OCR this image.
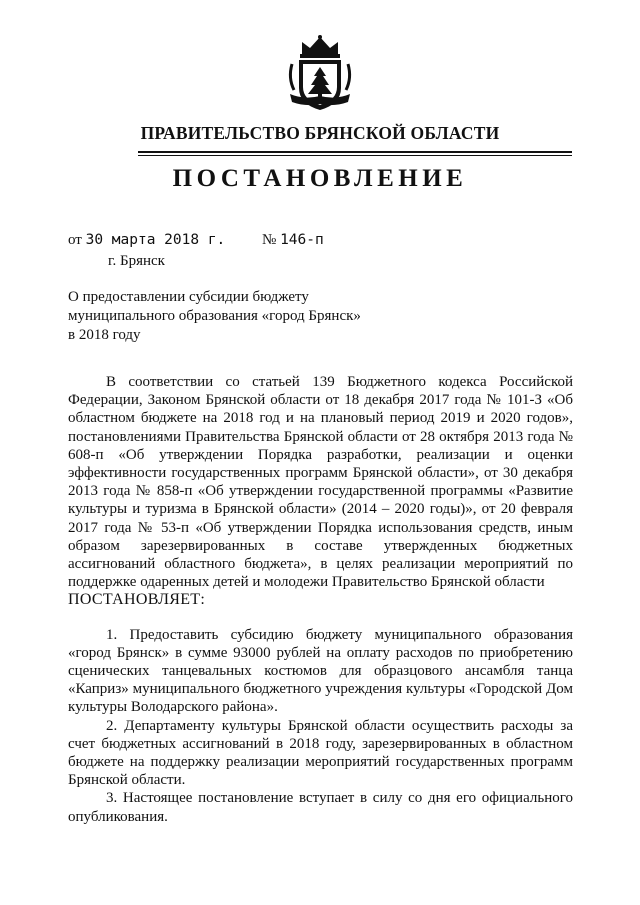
ПРАВИТЕЛЬСТВО БРЯНСКОЙ ОБЛАСТИ
ПОСТАНОВЛЕНИЕ
от 30 марта 2018 г. № 146-п
г. Брянск
О предоставлении субсидии бюджету муниципального образования «город Брянск» в 2018 году

В соответствии со статьей 139 Бюджетного кодекса Российской Федерации, Законом Брянской области от 18 декабря 2017 года № 101-З «Об областном бюджете на 2018 год и на плановый период 2019 и 2020 годов», постановлениями Правительства Брянской области от 28 октября 2013 года № 608-п «Об утверждении Порядка разработки, реализации и оценки эффективности государственных программ Брянской области», от 30 декабря 2013 года № 858-п «Об утверждении государственной программы «Развитие культуры и туризма в Брянской области» (2014 – 2020 годы)», от 20 февраля 2017 года № 53-п «Об утверждении Порядка использования средств, иным образом зарезервированных в составе утвержденных бюджетных ассигнований областного бюджета», в целях реализации мероприятий по поддержке одаренных детей и молодежи Правительство Брянской области

ПОСТАНОВЛЯЕТ:

1. Предоставить субсидию бюджету муниципального образования «город Брянск» в сумме 93000 рублей на оплату расходов по приобретению сценических танцевальных костюмов для образцового ансамбля танца «Каприз» муниципального бюджетного учреждения культуры «Городской Дом культуры Володарского района».

2. Департаменту культуры Брянской области осуществить расходы за счет бюджетных ассигнований в 2018 году, зарезервированных в областном бюджете на поддержку реализации мероприятий государственных программ Брянской области.

3. Настоящее постановление вступает в силу со дня его официального опубликования.
